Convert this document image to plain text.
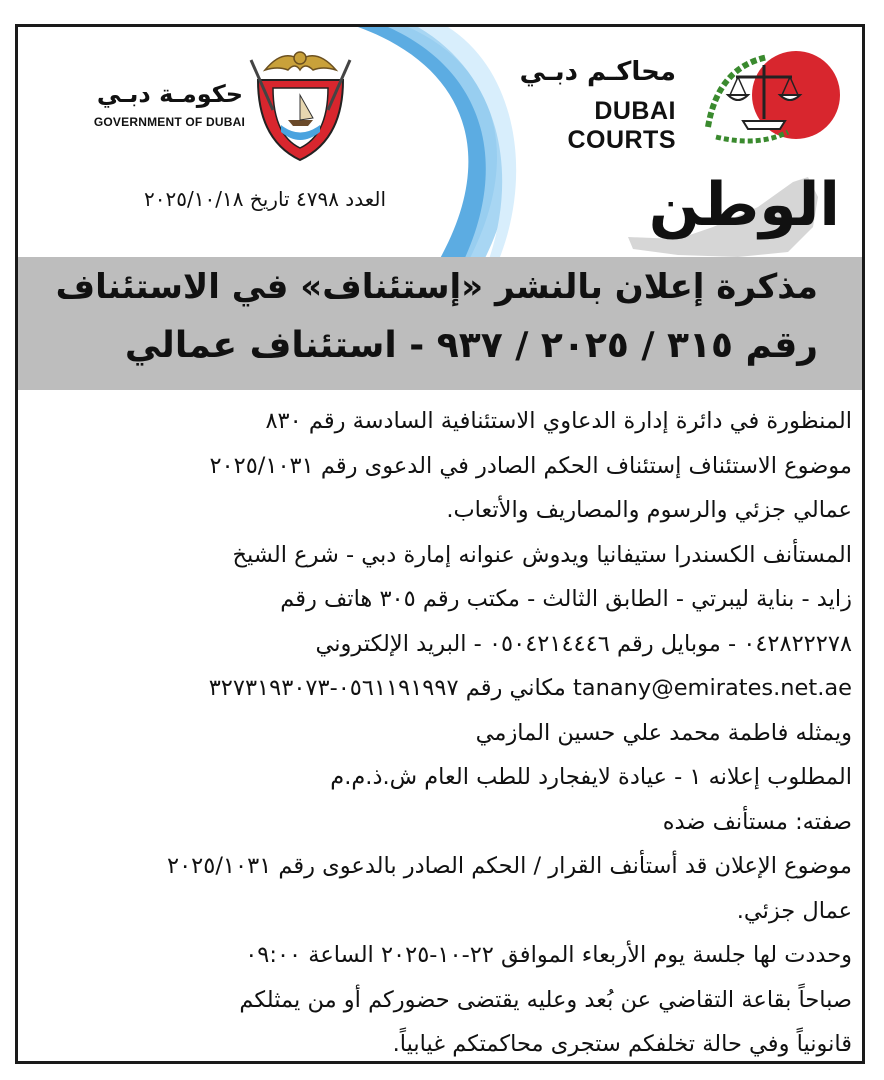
حكومـة دبـي
GOVERNMENT OF DUBAI
محاكـم دبـي
DUBAI COURTS
العدد ٤٧٩٨ تاريخ ٢٠٢٥/١٠/١٨	الوطن
مذكرة إعلان بالنشر «إستئناف» في الاستئناف
رقم ٣١٥ / ٢٠٢٥ / ٩٣٧ - استئناف عمالي
المنظورة في دائرة إدارة الدعاوي الاستئنافية السادسة رقم ٨٣٠
موضوع الاستئناف إستئناف الحكم الصادر في الدعوى رقم ٢٠٢٥/١٠٣١
عمالي جزئي والرسوم والمصاريف والأتعاب.
المستأنف الكسندرا ستيفانيا ويدوش عنوانه إمارة دبي - شرع الشيخ
زايد - بناية ليبرتي - الطابق الثالث - مكتب رقم ٣٠٥ هاتف رقم
٠٤٢٨٢٢٢٧٨ - موبايل رقم ٠٥٠٤٢١٤٤٤٦ - البريد الإلكتروني
tanany@emirates.net.ae مكاني رقم ٠٥٦١١٩١٩٩٧-٣٢٧٣١٩٣٠٧٣
ويمثله فاطمة محمد علي حسين المازمي
المطلوب إعلانه ١ - عيادة لايفجارد للطب العام ش.ذ.م.م
صفته: مستأنف ضده
موضوع الإعلان قد أستأنف القرار / الحكم الصادر بالدعوى رقم ٢٠٢٥/١٠٣١
عمال جزئي.
وحددت لها جلسة يوم الأربعاء الموافق ٢٢-١٠-٢٠٢٥ الساعة ٠٩:٠٠
صباحاً بقاعة التقاضي عن بُعد وعليه يقتضى حضوركم أو من يمثلكم
قانونياً وفي حالة تخلفكم ستجرى محاكمتكم غيابياً.
